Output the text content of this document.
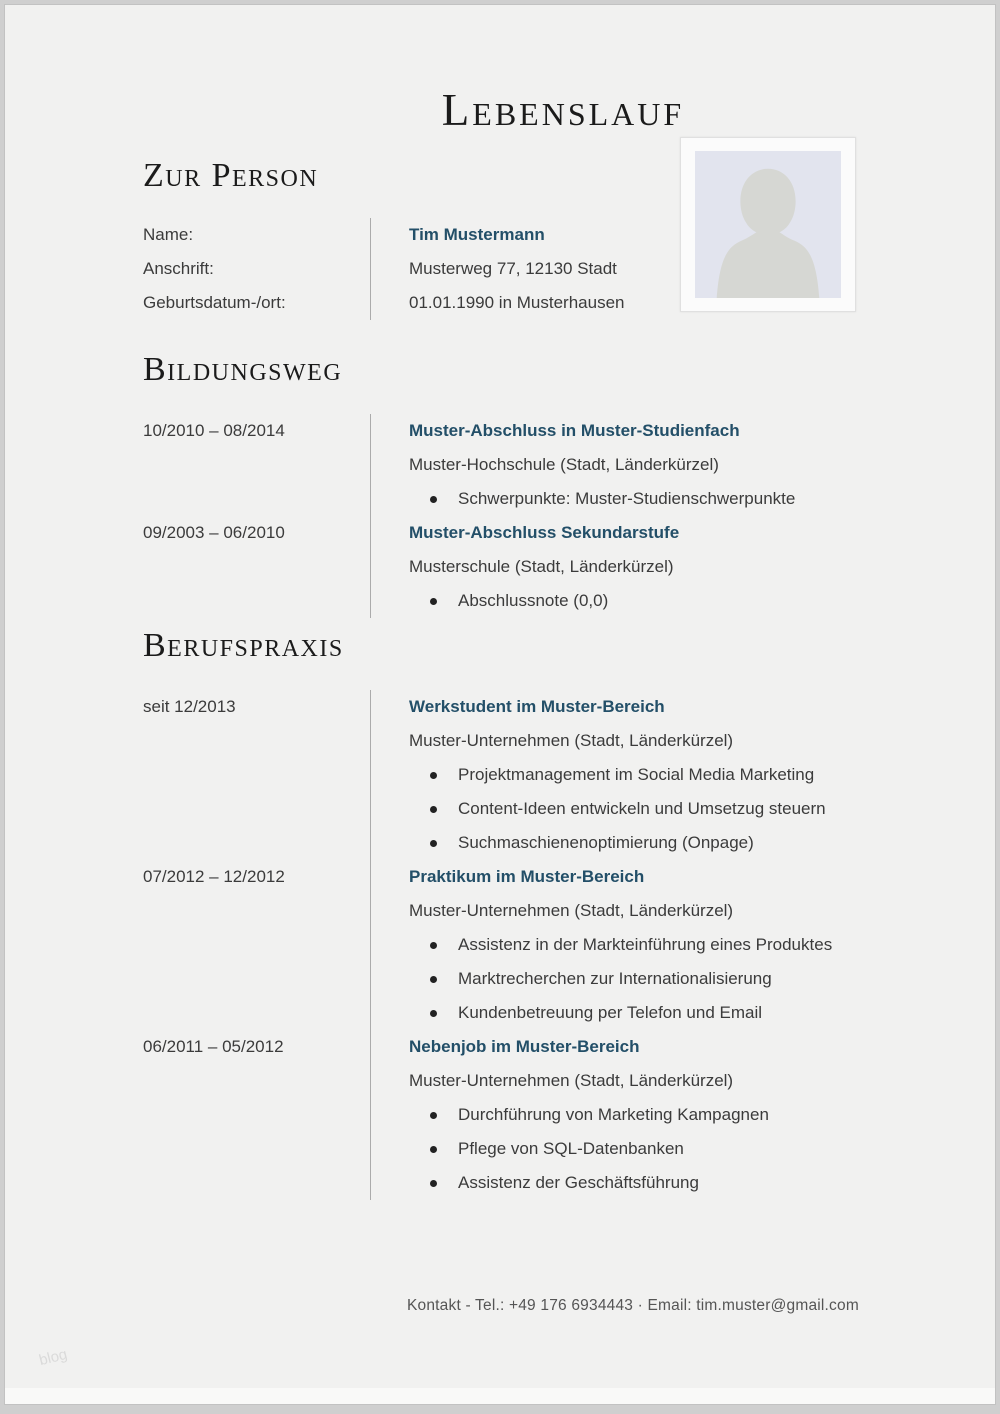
Lebenslauf
Zur Person
Name:
Anschrift:
Geburtsdatum-/ort:
Tim Mustermann
Musterweg 77, 12130 Stadt
01.01.1990 in Musterhausen
Bildungsweg
10/2010 – 08/2014
09/2003 – 06/2010
Muster-Abschluss in Muster-Studienfach
Muster-Hochschule (Stadt, Länderkürzel)
Schwerpunkte: Muster-Studienschwerpunkte
Muster-Abschluss Sekundarstufe
Musterschule (Stadt, Länderkürzel)
Abschlussnote (0,0)
Berufspraxis
seit 12/2013
07/2012 – 12/2012
06/2011 – 05/2012
Werkstudent im Muster-Bereich
Muster-Unternehmen (Stadt, Länderkürzel)
Projektmanagement im Social Media Marketing
Content-Ideen entwickeln und Umsetzug steuern
Suchmaschienenoptimierung (Onpage)
Praktikum im Muster-Bereich
Muster-Unternehmen (Stadt, Länderkürzel)
Assistenz in der Markteinführung eines Produktes
Marktrecherchen zur Internationalisierung
Kundenbetreuung per Telefon und Email
Nebenjob im Muster-Bereich
Muster-Unternehmen (Stadt, Länderkürzel)
Durchführung von Marketing Kampagnen
Pflege von SQL-Datenbanken
Assistenz der Geschäftsführung
Kontakt - Tel.: +49 176 6934443 · Email: tim.muster@gmail.com
blog
